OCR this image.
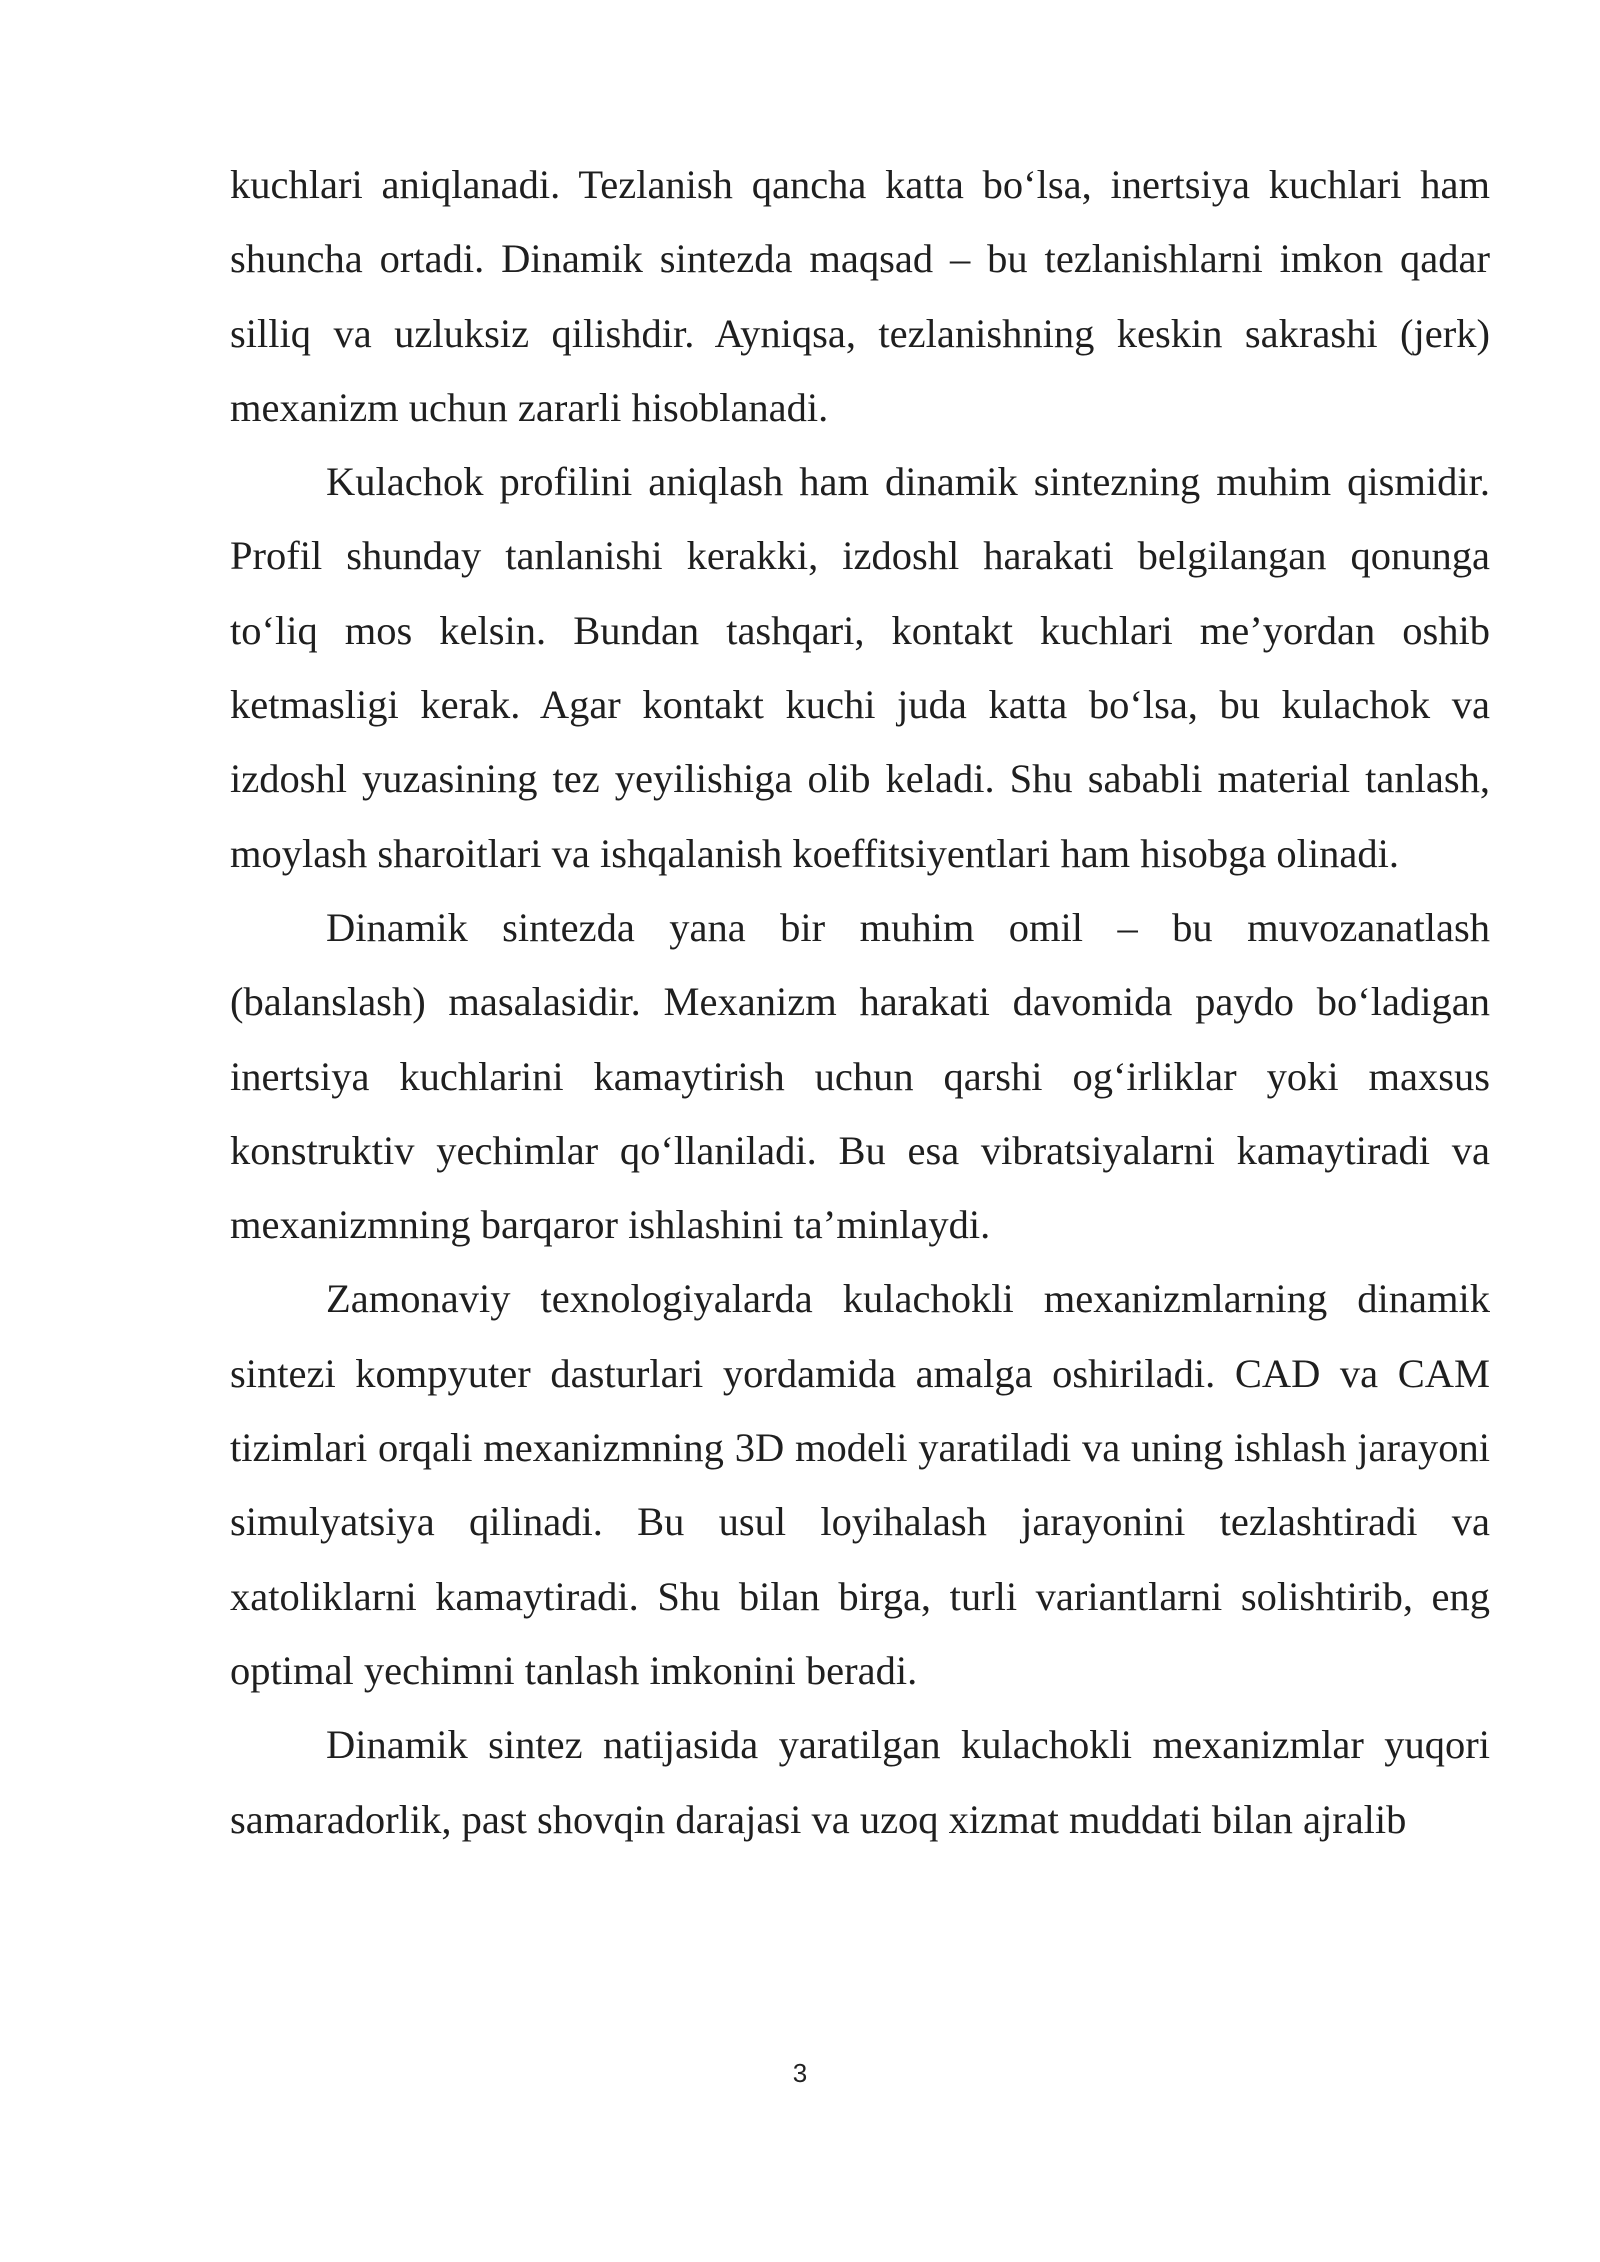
kuchlari aniqlanadi. Tezlanish qancha katta bo‘lsa, inertsiya kuchlari ham shuncha ortadi. Dinamik sintezda maqsad – bu tezlanishlarni imkon qadar silliq va uzluksiz qilishdir. Ayniqsa, tezlanishning keskin sakrashi (jerk) mexanizm uchun zararli hisoblanadi.

Kulachok profilini aniqlash ham dinamik sintezning muhim qismidir. Profil shunday tanlanishi kerakki, izdoshl harakati belgilangan qonunga to‘liq mos kelsin. Bundan tashqari, kontakt kuchlari me’yordan oshib ketmasligi kerak. Agar kontakt kuchi juda katta bo‘lsa, bu kulachok va izdoshl yuzasining tez yeyilishiga olib keladi. Shu sababli material tanlash, moylash sharoitlari va ishqalanish koeffitsiyentlari ham hisobga olinadi.

Dinamik sintezda yana bir muhim omil – bu muvozanatlash (balanslash) masalasidir. Mexanizm harakati davomida paydo bo‘ladigan inertsiya kuchlarini kamaytirish uchun qarshi og‘irliklar yoki maxsus konstruktiv yechimlar qo‘llaniladi. Bu esa vibratsiyalarni kamaytiradi va mexanizmning barqaror ishlashini ta’minlaydi.

Zamonaviy texnologiyalarda kulachokli mexanizmlarning dinamik sintezi kompyuter dasturlari yordamida amalga oshiriladi. CAD va CAM tizimlari orqali mexanizmning 3D modeli yaratiladi va uning ishlash jarayoni simulyatsiya qilinadi. Bu usul loyihalash jarayonini tezlashtiradi va xatoliklarni kamaytiradi. Shu bilan birga, turli variantlarni solishtirib, eng optimal yechimni tanlash imkonini beradi.

Dinamik sintez natijasida yaratilgan kulachokli mexanizmlar yuqori samaradorlik, past shovqin darajasi va uzoq xizmat muddati bilan ajralib

3
